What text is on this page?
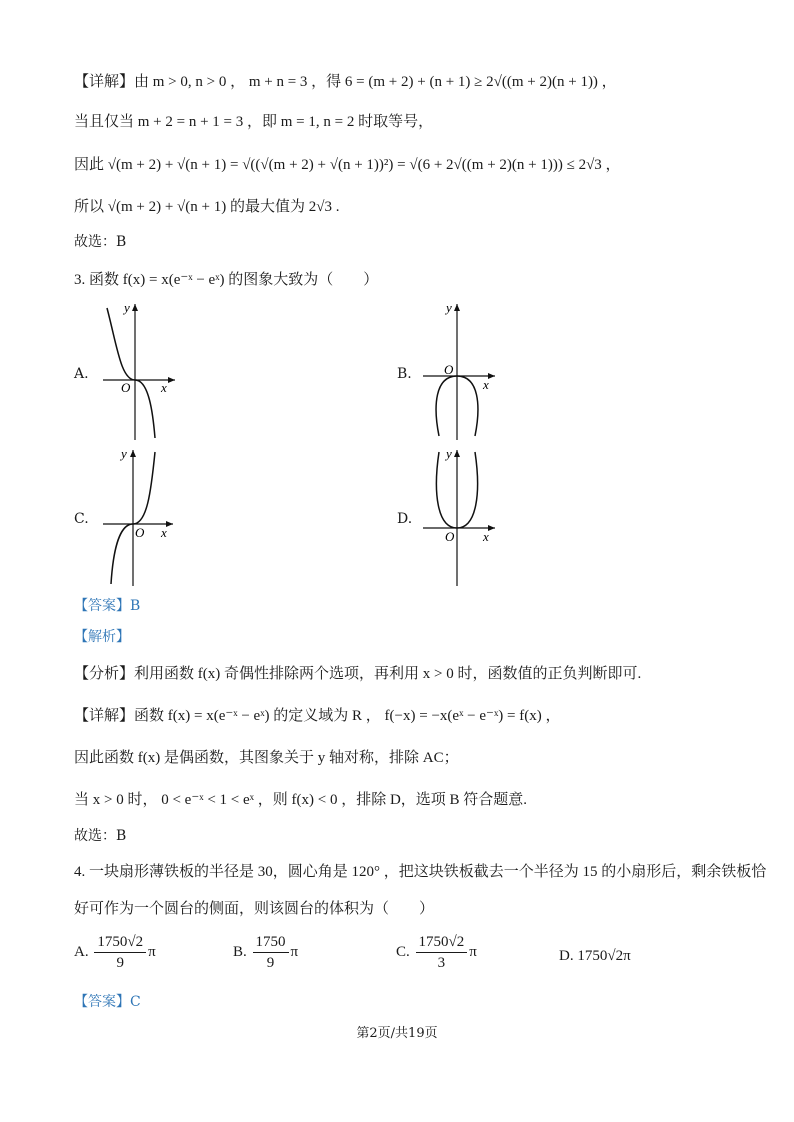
【详解】由 m > 0, n > 0 ， m + n = 3 ，得 6 = (m + 2) + (n + 1) ≥ 2√((m + 2)(n + 1)) ，
当且仅当 m + 2 = n + 1 = 3 ，即 m = 1, n = 2 时取等号，
因此 √(m + 2) + √(n + 1) = √((√(m + 2) + √(n + 1))²) = √(6 + 2√((m + 2)(n + 1))) ≤ 2√3 ，
所以 √(m + 2) + √(n + 1) 的最大值为 2√3 .
故选：B
3. 函数 f(x) = x(e⁻ˣ − eˣ) 的图象大致为（　　）
A.
y
x
O
B.
y
x
O
C.
y
x
O
D.
y
x
O
【答案】B
【解析】
【分析】利用函数 f(x) 奇偶性排除两个选项，再利用 x > 0 时，函数值的正负判断即可.
【详解】函数 f(x) = x(e⁻ˣ − eˣ) 的定义域为 R ， f(−x) = −x(eˣ − e⁻ˣ) = f(x) ，
因此函数 f(x) 是偶函数，其图象关于 y 轴对称，排除 AC；
当 x > 0 时， 0 < e⁻ˣ < 1 < eˣ ，则 f(x) < 0 ，排除 D，选项 B 符合题意.
故选：B
4. 一块扇形薄铁板的半径是 30，圆心角是 120° ，把这块铁板截去一个半径为 15 的小扇形后，剩余铁板恰
好可作为一个圆台的侧面，则该圆台的体积为（　　）
A. $\frac{1750√2}{9}$ π	B. $\frac{1750}{9}$ π	C. $\frac{1750√2}{3}$ π	D. 1750√2π
【答案】C
第2页/共19页
